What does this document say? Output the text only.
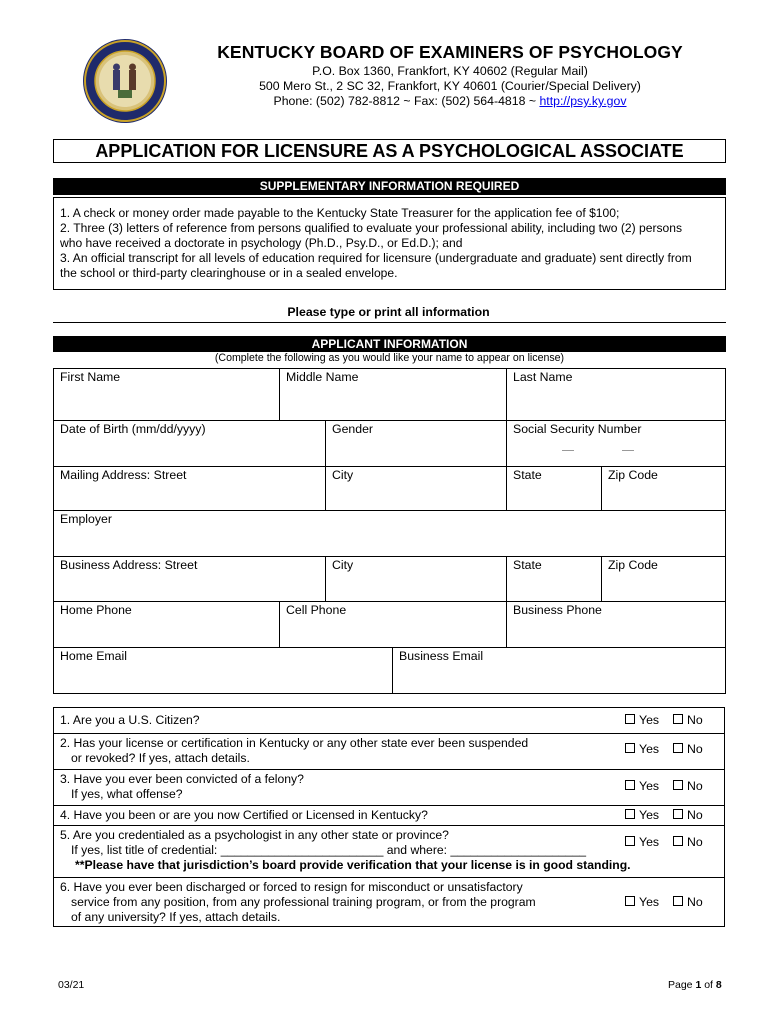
KENTUCKY BOARD OF EXAMINERS OF PSYCHOLOGY
P.O. Box 1360, Frankfort, KY 40602 (Regular Mail)
500 Mero St., 2 SC 32, Frankfort, KY 40601 (Courier/Special Delivery)
Phone: (502) 782-8812 ~ Fax: (502) 564-4818 ~ http://psy.ky.gov
APPLICATION FOR LICENSURE AS A PSYCHOLOGICAL ASSOCIATE
SUPPLEMENTARY INFORMATION REQUIRED

1. A check or money order made payable to the Kentucky State Treasurer for the application fee of $100;

2. Three (3) letters of reference from persons qualified to evaluate your professional ability, including two (2) persons

who have received a doctorate in psychology (Ph.D., Psy.D., or Ed.D.); and

3. An official transcript for all levels of education required for licensure (undergraduate and graduate) sent directly from

the school or third-party clearinghouse or in a sealed envelope.

Please type or print all information
APPLICANT INFORMATION
(Complete the following as you would like your name to appear on license)
First Name	Middle Name	Last Name
Date of Birth (mm/dd/yyyy)	Gender	Social Security Number
Mailing Address: Street	City	State	Zip Code
Employer
Business Address: Street	City	State	Zip Code
Home Phone	Cell Phone	Business Phone
Home Email	Business Email
1. Are you a U.S. Citizen?	Yes	No
2. Has your license or certification in Kentucky or any other state ever been suspended
or revoked? If yes, attach details.
Yes	No
3. Have you ever been convicted of a felony?
If yes, what offense?
Yes	No
4. Have you been or are you now Certified or Licensed in Kentucky?	Yes	No
5. Are you credentialed as a psychologist in any other state or province?
If yes, list title of credential: ________________________ and where: ____________________
**Please have that jurisdiction’s board provide verification that your license is in good standing.
Yes	No
6. Have you ever been discharged or forced to resign for misconduct or unsatisfactory
service from any position, from any professional training program, or from the program
of any university? If yes, attach details.
Yes	No
03/21	Page 1 of 8
